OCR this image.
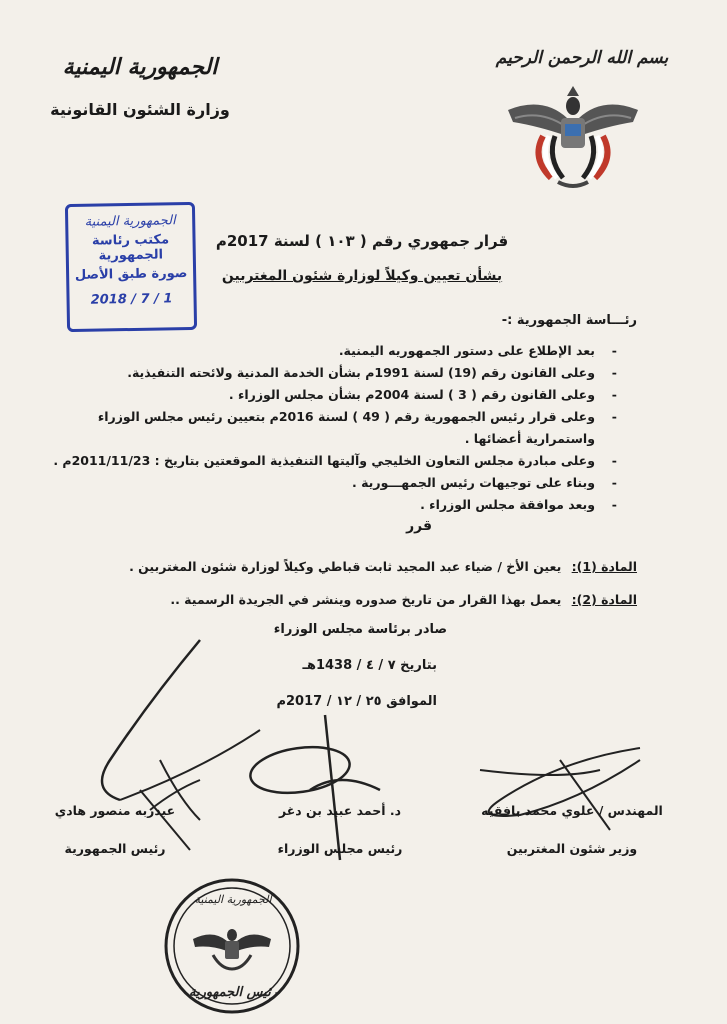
بسم الله الرحمن الرحيم
الجمهورية اليمنية
وزارة الشئون القانونية
الجمهورية اليمنية
مكتب رئاسة الجمهورية
صورة طبق الأصل
2018 / 7 / 1
قرار جمهوري رقم ( ١٠٣ ) لسنة 2017م
بشأن تعيين وكيلاً لوزارة شئون المغتربين
رئـــاسة الجمهورية :-
- بعد الإطلاع على دستور الجمهوريه اليمنية.
- وعلى القانون رقم (19) لسنة 1991م بشأن الخدمة المدنية ولائحته التنفيذية.
- وعلى القانون رقم ( 3 ) لسنة 2004م بشأن مجلس الوزراء .
- وعلى قرار رئيس الجمهورية رقم ( 49 ) لسنة 2016م بتعيين رئيس مجلس الوزراء
واستمرارية أعضائها .
- وعلى مبادرة مجلس التعاون الخليجي وآليتها التنفيذية الموقعتين بتاريخ : 2011/11/23م .
- وبناء على توجيهات رئيس الجمهـــورية .
- وبعد موافقة مجلس الوزراء .
قرر
المادة (1): يعين الأخ / ضياء عبد المجيد ثابت قباطي وكيلاً لوزارة شئون المغتربين .
المادة (2): يعمل بهذا القرار من تاريخ صدوره وينشر في الجريدة الرسمية ..
صادر برئاسة مجلس الوزراء
بتاريخ ٧ / ٤ / 1438هـ
الموافق ٢٥ / ١٢ / 2017م
المهندس / علوي محمد بافقيه
وزير شئون المغتربين
د. أحمد عبيد بن دغر
رئيس مجلس الوزراء
عبدربه منصور هادي
رئيس الجمهورية
الجمهورية اليمنية
رئيس الجمهورية
